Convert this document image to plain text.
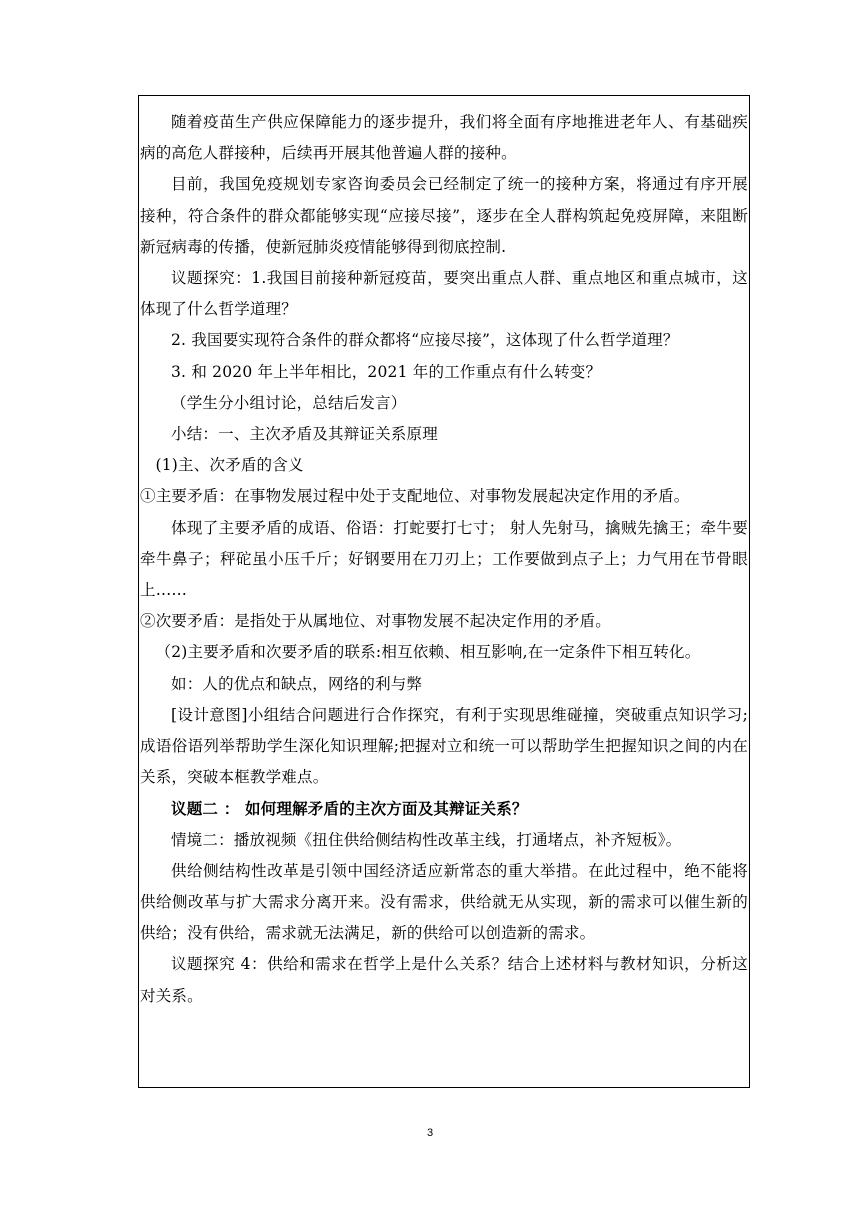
随着疫苗生产供应保障能力的逐步提升，我们将全面有序地推进老年人、有基础疾病的高危人群接种，后续再开展其他普遍人群的接种。

目前，我国免疫规划专家咨询委员会已经制定了统一的接种方案，将通过有序开展接种，符合条件的群众都能够实现“应接尽接”，逐步在全人群构筑起免疫屏障，来阻断新冠病毒的传播，使新冠肺炎疫情能够得到彻底控制.

议题探究：1.我国目前接种新冠疫苗，要突出重点人群、重点地区和重点城市，这体现了什么哲学道理？

2. 我国要实现符合条件的群众都将“应接尽接”，这体现了什么哲学道理？

3. 和 2020 年上半年相比，2021 年的工作重点有什么转变？

（学生分小组讨论，总结后发言）

小结：一、主次矛盾及其辩证关系原理

(1)主、次矛盾的含义

①主要矛盾：在事物发展过程中处于支配地位、对事物发展起决定作用的矛盾。

体现了主要矛盾的成语、俗语：打蛇要打七寸； 射人先射马，擒贼先擒王；牵牛要牵牛鼻子；秤砣虽小压千斤；好钢要用在刀刃上；工作要做到点子上；力气用在节骨眼上……

②次要矛盾：是指处于从属地位、对事物发展不起决定作用的矛盾。

（2)主要矛盾和次要矛盾的联系:相互依赖、相互影响,在一定条件下相互转化。

如：人的优点和缺点，网络的利与弊

[设计意图]小组结合问题进行合作探究，有利于实现思维碰撞，突破重点知识学习;成语俗语列举帮助学生深化知识理解;把握对立和统一可以帮助学生把握知识之间的内在关系，突破本框教学难点。

议题二 ： 如何理解矛盾的主次方面及其辩证关系？

情境二：播放视频《扭住供给侧结构性改革主线，打通堵点，补齐短板》。

供给侧结构性改革是引领中国经济适应新常态的重大举措。在此过程中，绝不能将供给侧改革与扩大需求分离开来。没有需求，供给就无从实现，新的需求可以催生新的供给；没有供给，需求就无法满足，新的供给可以创造新的需求。

议题探究 4：供给和需求在哲学上是什么关系？结合上述材料与教材知识，分析这对关系。

3
